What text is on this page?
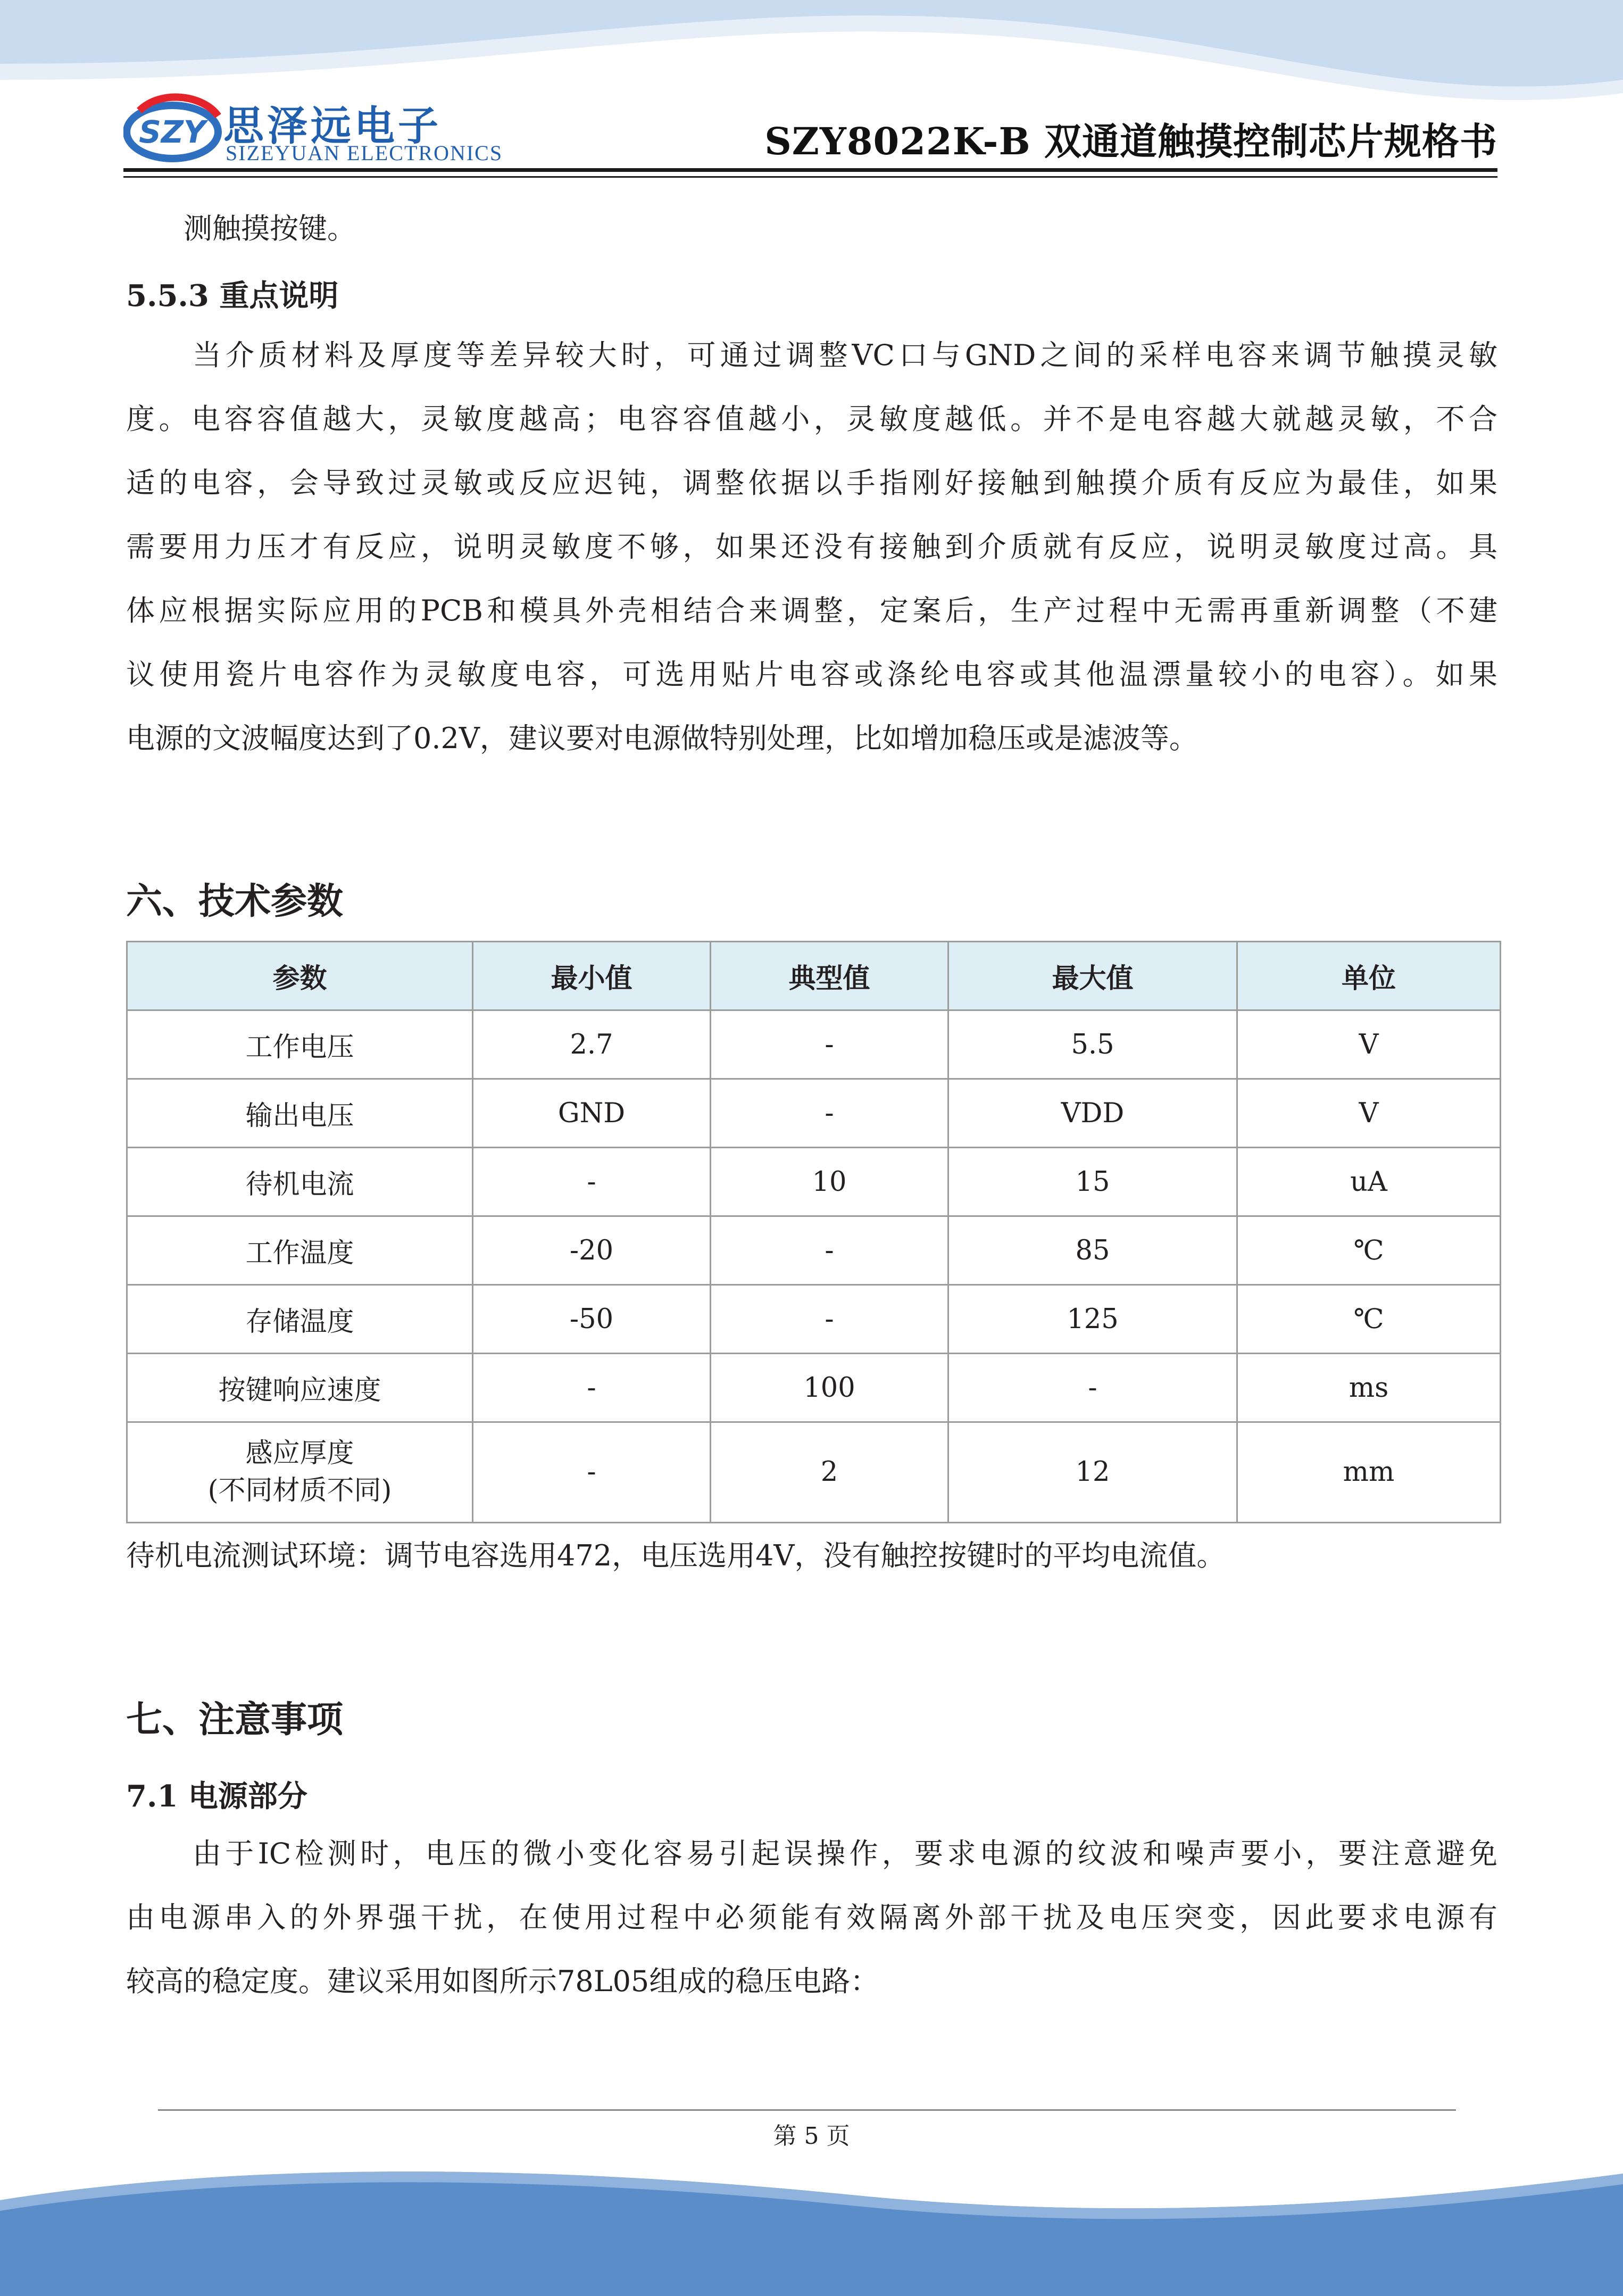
SZY 思泽远电子
SIZEYUAN ELECTRONICS	SZY8022K-B 双通道触摸控制芯片规格书
测触摸按键。
5.5.3 重点说明
当介质材料及厚度等差异较大时，可通过调整VC口与GND之间的采样电容来调节触摸灵敏
度。电容容值越大，灵敏度越高；电容容值越小，灵敏度越低。并不是电容越大就越灵敏，不合
适的电容，会导致过灵敏或反应迟钝，调整依据以手指刚好接触到触摸介质有反应为最佳，如果
需要用力压才有反应，说明灵敏度不够，如果还没有接触到介质就有反应，说明灵敏度过高。具
体应根据实际应用的PCB和模具外壳相结合来调整，定案后，生产过程中无需再重新调整（不建
议使用瓷片电容作为灵敏度电容，可选用贴片电容或涤纶电容或其他温漂量较小的电容）。如果
电源的文波幅度达到了0.2V，建议要对电源做特别处理，比如增加稳压或是滤波等。
六、技术参数
参数	最小值	典型值	最大值	单位
工作电压	2.7	-	5.5	V
输出电压	GND	-	VDD	V
待机电流	-	10	15	uA
工作温度	-20	-	85	℃
存储温度	-50	-	125	℃
按键响应速度	-	100	-	ms
感应厚度
(不同材质不同)	-	2	12	mm
待机电流测试环境：调节电容选用472，电压选用4V，没有触控按键时的平均电流值。
七、注意事项
7.1 电源部分
由于IC检测时，电压的微小变化容易引起误操作，要求电源的纹波和噪声要小，要注意避免
由电源串入的外界强干扰，在使用过程中必须能有效隔离外部干扰及电压突变，因此要求电源有
较高的稳定度。建议采用如图所示78L05组成的稳压电路：
第 5 页
